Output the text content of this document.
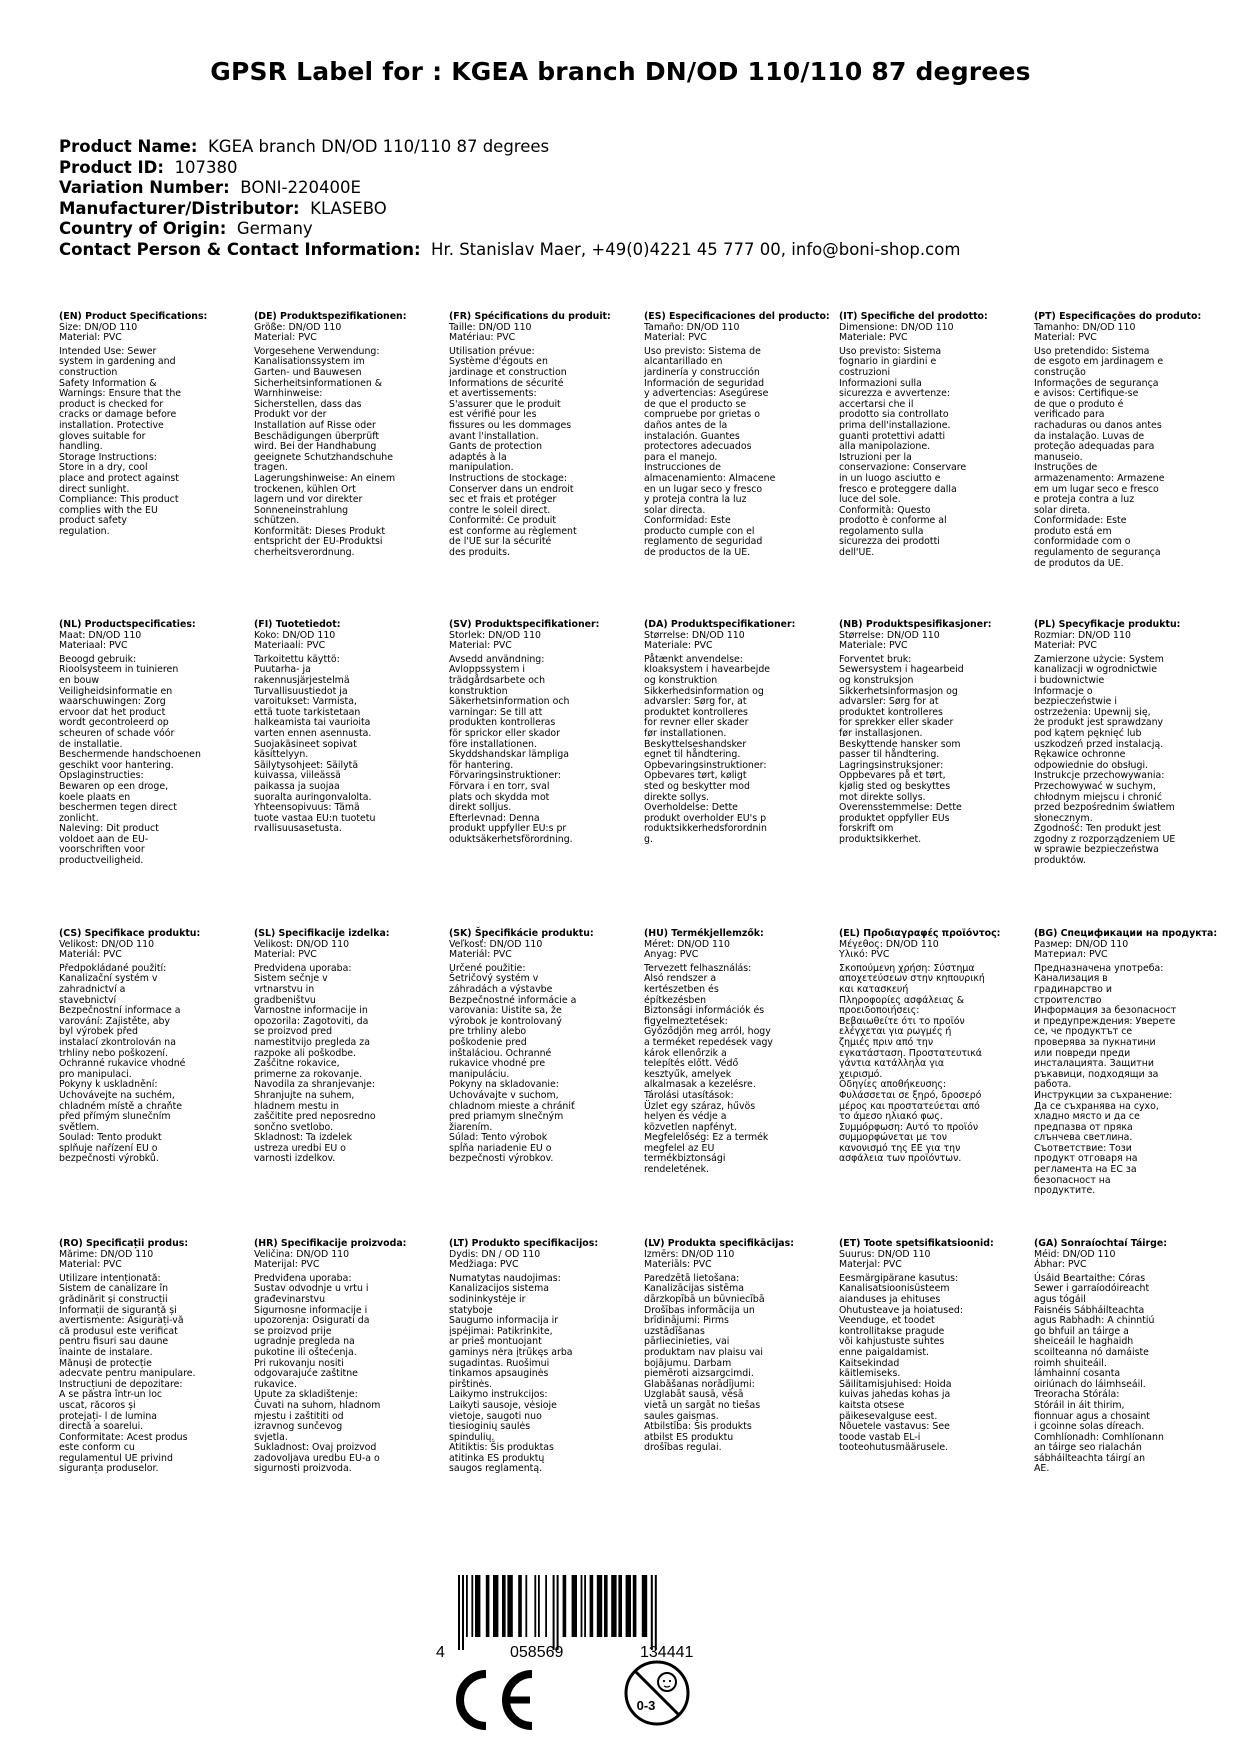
GPSR Label for : KGEA branch DN/OD 110/110 87 degrees
Product Name: KGEA branch DN/OD 110/110 87 degrees
Product ID: 107380
Variation Number: BONI-220400E
Manufacturer/Distributor: KLASEBO
Country of Origin: Germany
Contact Person & Contact Information: Hr. Stanislav Maer, +49(0)4221 45 777 00, info@boni-shop.com
(EN) Product Specifications:
Size: DN/OD 110
Material: PVC
Intended Use: Sewer
system in gardening and
construction
Safety Information &
Warnings: Ensure that the
product is checked for
cracks or damage before
installation. Protective
gloves suitable for
handling.
Storage Instructions:
Store in a dry, cool
place and protect against
direct sunlight.
Compliance: This product
complies with the EU
product safety
regulation.
(DE) Produktspezifikationen:
Größe: DN/OD 110
Material: PVC
Vorgesehene Verwendung:
Kanalisationssystem im
Garten- und Bauwesen
Sicherheitsinformationen &
Warnhinweise:
Sicherstellen, dass das
Produkt vor der
Installation auf Risse oder
Beschädigungen überprüft
wird. Bei der Handhabung
geeignete Schutzhandschuhe
tragen.
Lagerungshinweise: An einem
trockenen, kühlen Ort
lagern und vor direkter
Sonneneinstrahlung
schützen.
Konformität: Dieses Produkt
entspricht der EU-Produktsi
cherheitsverordnung.
(FR) Spécifications du produit:
Taille: DN/OD 110
Matériau: PVC
Utilisation prévue:
Système d'égouts en
jardinage et construction
Informations de sécurité
et avertissements:
S'assurer que le produit
est vérifié pour les
fissures ou les dommages
avant l'installation.
Gants de protection
adaptés à la
manipulation.
Instructions de stockage:
Conserver dans un endroit
sec et frais et protéger
contre le soleil direct.
Conformité: Ce produit
est conforme au règlement
de l'UE sur la sécurité
des produits.
(ES) Especificaciones del producto:
Tamaño: DN/OD 110
Material: PVC
Uso previsto: Sistema de
alcantarillado en
jardinería y construcción
Información de seguridad
y advertencias: Asegúrese
de que el producto se
compruebe por grietas o
daños antes de la
instalación. Guantes
protectores adecuados
para el manejo.
Instrucciones de
almacenamiento: Almacene
en un lugar seco y fresco
y proteja contra la luz
solar directa.
Conformidad: Este
producto cumple con el
reglamento de seguridad
de productos de la UE.
(IT) Specifiche del prodotto:
Dimensione: DN/OD 110
Materiale: PVC
Uso previsto: Sistema
fognario in giardini e
costruzioni
Informazioni sulla
sicurezza e avvertenze:
accertarsi che il
prodotto sia controllato
prima dell'installazione.
guanti protettivi adatti
alla manipolazione.
Istruzioni per la
conservazione: Conservare
in un luogo asciutto e
fresco e proteggere dalla
luce del sole.
Conformità: Questo
prodotto è conforme al
regolamento sulla
sicurezza dei prodotti
dell'UE.
(PT) Especificações do produto:
Tamanho: DN/OD 110
Material: PVC
Uso pretendido: Sistema
de esgoto em jardinagem e
construção
Informações de segurança
e avisos: Certifique-se
de que o produto é
verificado para
rachaduras ou danos antes
da instalação. Luvas de
proteção adequadas para
manuseio.
Instruções de
armazenamento: Armazene
em um lugar seco e fresco
e proteja contra a luz
solar direta.
Conformidade: Este
produto está em
conformidade com o
regulamento de segurança
de produtos da UE.
(NL) Productspecificaties:
Maat: DN/OD 110
Materiaal: PVC
Beoogd gebruik:
Rioolsysteem in tuinieren
en bouw
Veiligheidsinformatie en
waarschuwingen: Zorg
ervoor dat het product
wordt gecontroleerd op
scheuren of schade vóór
de installatie.
Beschermende handschoenen
geschikt voor hantering.
Opslaginstructies:
Bewaren op een droge,
koele plaats en
beschermen tegen direct
zonlicht.
Naleving: Dit product
voldoet aan de EU-
voorschriften voor
productveiligheid.
(FI) Tuotetiedot:
Koko: DN/OD 110
Materiaali: PVC
Tarkoitettu käyttö:
Puutarha- ja
rakennusjärjestelmä
Turvallisuustiedot ja
varoitukset: Varmista,
että tuote tarkistetaan
halkeamista tai vaurioita
varten ennen asennusta.
Suojakäsineet sopivat
käsittelyyn.
Säilytysohjeet: Säilytä
kuivassa, viileässä
paikassa ja suojaa
suoralta auringonvalolta.
Yhteensopivuus: Tämä
tuote vastaa EU:n tuotetu
rvallisuusasetusta.
(SV) Produktspecifikationer:
Storlek: DN/OD 110
Material: PVC
Avsedd användning:
Avloppssystem i
trädgårdsarbete och
konstruktion
Säkerhetsinformation och
varningar: Se till att
produkten kontrolleras
för sprickor eller skador
före installationen.
Skyddshandskar lämpliga
för hantering.
Förvaringsinstruktioner:
Förvara i en torr, sval
plats och skydda mot
direkt solljus.
Efterlevnad: Denna
produkt uppfyller EU:s pr
oduktsäkerhetsförordning.
(DA) Produktspecifikationer:
Størrelse: DN/OD 110
Materiale: PVC
Påtænkt anvendelse:
kloaksystem i havearbejde
og konstruktion
Sikkerhedsinformation og
advarsler: Sørg for, at
produktet kontrolleres
for revner eller skader
før installationen.
Beskyttelseshandsker
egnet til håndtering.
Opbevaringsinstruktioner:
Opbevares tørt, køligt
sted og beskytter mod
direkte sollys.
Overholdelse: Dette
produkt overholder EU's p
roduktsikkerhedsforordnin
g.
(NB) Produktspesifikasjoner:
Størrelse: DN/OD 110
Materiale: PVC
Forventet bruk:
Sewersystem i hagearbeid
og konstruksjon
Sikkerhetsinformasjon og
advarsler: Sørg for at
produktet kontrolleres
for sprekker eller skader
før installasjonen.
Beskyttende hansker som
passer til håndtering.
Lagringsinstruksjoner:
Oppbevares på et tørt,
kjølig sted og beskyttes
mot direkte sollys.
Overensstemmelse: Dette
produktet oppfyller EUs
forskrift om
produktsikkerhet.
(PL) Specyfikacje produktu:
Rozmiar: DN/OD 110
Materiał: PVC
Zamierzone użycie: System
kanalizacji w ogrodnictwie
i budownictwie
Informacje o
bezpieczeństwie i
ostrzeżenia: Upewnij się,
że produkt jest sprawdzany
pod kątem pęknięć lub
uszkodzeń przed instalacją.
Rękawice ochronne
odpowiednie do obsługi.
Instrukcje przechowywania:
Przechowywać w suchym,
chłodnym miejscu i chronić
przed bezpośrednim światłem
słonecznym.
Zgodność: Ten produkt jest
zgodny z rozporządzeniem UE
w sprawie bezpieczeństwa
produktów.
(CS) Specifikace produktu:
Velikost: DN/OD 110
Materiál: PVC
Předpokládané použití:
Kanalizační systém v
zahradnictví a
stavebnictví
Bezpečnostní informace a
varování: Zajistěte, aby
byl výrobek před
instalací zkontrolován na
trhliny nebo poškození.
Ochranné rukavice vhodné
pro manipulaci.
Pokyny k uskladnění:
Uchovávejte na suchém,
chladném místě a chraňte
před přímým slunečním
světlem.
Soulad: Tento produkt
splňuje nařízení EU o
bezpečnosti výrobků.
(SL) Specifikacije izdelka:
Velikost: DN/OD 110
Material: PVC
Predvidena uporaba:
Sistem sečnje v
vrtnarstvu in
gradbeništvu
Varnostne informacije in
opozorila: Zagotoviti, da
se proizvod pred
namestitvijo pregleda za
razpoke ali poškodbe.
Zaščitne rokavice,
primerne za rokovanje.
Navodila za shranjevanje:
Shranjujte na suhem,
hladnem mestu in
zaščitite pred neposredno
sončno svetlobo.
Skladnost: Ta izdelek
ustreza uredbi EU o
varnosti izdelkov.
(SK) Špecifikácie produktu:
Veľkosť: DN/OD 110
Materiál: PVC
Určené použitie:
Šetričový systém v
záhradách a výstavbe
Bezpečnostné informácie a
varovania: Uistite sa, že
výrobok je kontrolovaný
pre trhliny alebo
poškodenie pred
inštaláciou. Ochranné
rukavice vhodné pre
manipuláciu.
Pokyny na skladovanie:
Uchovávajte v suchom,
chladnom mieste a chrániť
pred priamym slnečným
žiarením.
Súlad: Tento výrobok
spĺňa nariadenie EU o
bezpečnosti výrobkov.
(HU) Termékjellemzők:
Méret: DN/OD 110
Anyag: PVC
Tervezett felhasználás:
Alsó rendszer a
kertészetben és
építkezésben
Biztonsági információk és
figyelmeztetések:
Győződjön meg arról, hogy
a terméket repedések vagy
károk ellenőrzik a
telepítés előtt. Védő
kesztyűk, amelyek
alkalmasak a kezelésre.
Tárolási utasítások:
Üzlet egy száraz, hűvös
helyen és védje a
közvetlen napfényt.
Megfelelőség: Ez a termék
megfelel az EU
termékbiztonsági
rendeletének.
(EL) Προδιαγραφές προϊόντος:
Μέγεθος: DN/OD 110
Υλικό: PVC
Σκοπούμενη χρήση: Σύστημα
αποχετεύσεων στην κηπουρική
και κατασκευή
Πληροφορίες ασφάλειας &
προειδοποιήσεις:
Βεβαιωθείτε ότι το προϊόν
ελέγχεται για ρωγμές ή
ζημιές πριν από την
εγκατάσταση. Προστατευτικά
γάντια κατάλληλα για
χειρισμό.
Οδηγίες αποθήκευσης:
Φυλάσσεται σε ξηρό, δροσερό
μέρος και προστατεύεται από
το άμεσο ηλιακό φως.
Συμμόρφωση: Αυτό το προϊόν
συμμορφώνεται με τον
κανονισμό της ΕΕ για την
ασφάλεια των προϊόντων.
(BG) Спецификации на продукта:
Размер: DN/OD 110
Материал: PVC
Предназначена употреба:
Канализация в
градинарство и
строителство
Информация за безопасност
и предупреждения: Уверете
се, че продуктът се
проверява за пукнатини
или повреди преди
инсталацията. Защитни
ръкавици, подходящи за
работа.
Инструкции за съхранение:
Да се съхранява на сухо,
хладно място и да се
предпазва от пряка
слънчева светлина.
Съответствие: Този
продукт отговаря на
регламента на ЕС за
безопасност на
продуктите.
(RO) Specificații produs:
Mărime: DN/OD 110
Material: PVC
Utilizare intenționată:
Sistem de canalizare în
grădinărit și construcții
Informații de siguranță și
avertismente: Asigurați-vă
că produsul este verificat
pentru fisuri sau daune
înainte de instalare.
Mănuși de protecție
adecvate pentru manipulare.
Instrucțiuni de depozitare:
A se păstra într-un loc
uscat, răcoros și
protejați- l de lumina
directă a soarelui.
Conformitate: Acest produs
este conform cu
regulamentul UE privind
siguranța produselor.
(HR) Specifikacije proizvoda:
Veličina: DN/OD 110
Materijal: PVC
Predviđena uporaba:
Sustav odvodnje u vrtu i
građevinarstvu
Sigurnosne informacije i
upozorenja: Osigurati da
se proizvod prije
ugradnje pregleda na
pukotine ili oštećenja.
Pri rukovanju nositi
odgovarajuće zaštitne
rukavice.
Upute za skladištenje:
Čuvati na suhom, hladnom
mjestu i zaštititi od
izravnog sunčevog
svjetla.
Sukladnost: Ovaj proizvod
zadovoljava uredbu EU-a o
sigurnosti proizvoda.
(LT) Produkto specifikacijos:
Dydis: DN / OD 110
Medžiaga: PVC
Numatytas naudojimas:
Kanalizacijos sistema
sodininkystėje ir
statyboje
Saugumo informacija ir
įspėjimai: Patikrinkite,
ar prieš montuojant
gaminys nėra įtrūkęs arba
sugadintas. Ruošimui
tinkamos apsauginės
pirštinės.
Laikymo instrukcijos:
Laikyti sausoje, vėsioje
vietoje, saugoti nuo
tiesioginių saulės
spindulių.
Atitiktis: Šis produktas
atitinka ES produktų
saugos reglamentą.
(LV) Produkta specifikācijas:
Izmērs: DN/OD 110
Materiāls: PVC
Paredzētā lietošana:
Kanalizācijas sistēma
dārzkopībā un būvniecībā
Drošības informācija un
brīdinājumi: Pirms
uzstādīšanas
pārliecinieties, vai
produktam nav plaisu vai
bojājumu. Darbam
piemēroti aizsargcimdi.
Glabāšanas norādījumi:
Uzglabāt sausā, vēsā
vietā un sargāt no tiešas
saules gaismas.
Atbilstība: Šis produkts
atbilst ES produktu
drošības regulai.
(ET) Toote spetsifikatsioonid:
Suurus: DN/OD 110
Materjal: PVC
Eesmärgipärane kasutus:
Kanalisatsioonisüsteem
aianduses ja ehituses
Ohutusteave ja hoiatused:
Veenduge, et toodet
kontrollitakse pragude
või kahjustuste suhtes
enne paigaldamist.
Kaitsekindad
käitlemiseks.
Säilitamisjuhised: Hoida
kuivas jahedas kohas ja
kaitsta otsese
päikesevalguse eest.
Nõuetele vastavus: See
toode vastab EL-i
tooteohutusmäärusele.
(GA) Sonraíochtaí Táirge:
Méid: DN/OD 110
Ábhar: PVC
Úsáid Beartaithe: Córas
Sewer i garraíodóireacht
agus tógáil
Faisnéis Sábháilteachta
agus Rabhadh: A chinntiú
go bhfuil an táirge a
sheiceáil le haghaidh
scoilteanna nó damáiste
roimh shuiteáil.
lámhainní cosanta
oiriúnach do láimhseáil.
Treoracha Stórála:
Stóráil in áit thirim,
fionnuar agus a chosaint
i gcoinne solas díreach.
Comhlíonadh: Comhlíonann
an táirge seo rialachán
sábháilteachta táirgí an
AE.
4	058569	134441
0-3
